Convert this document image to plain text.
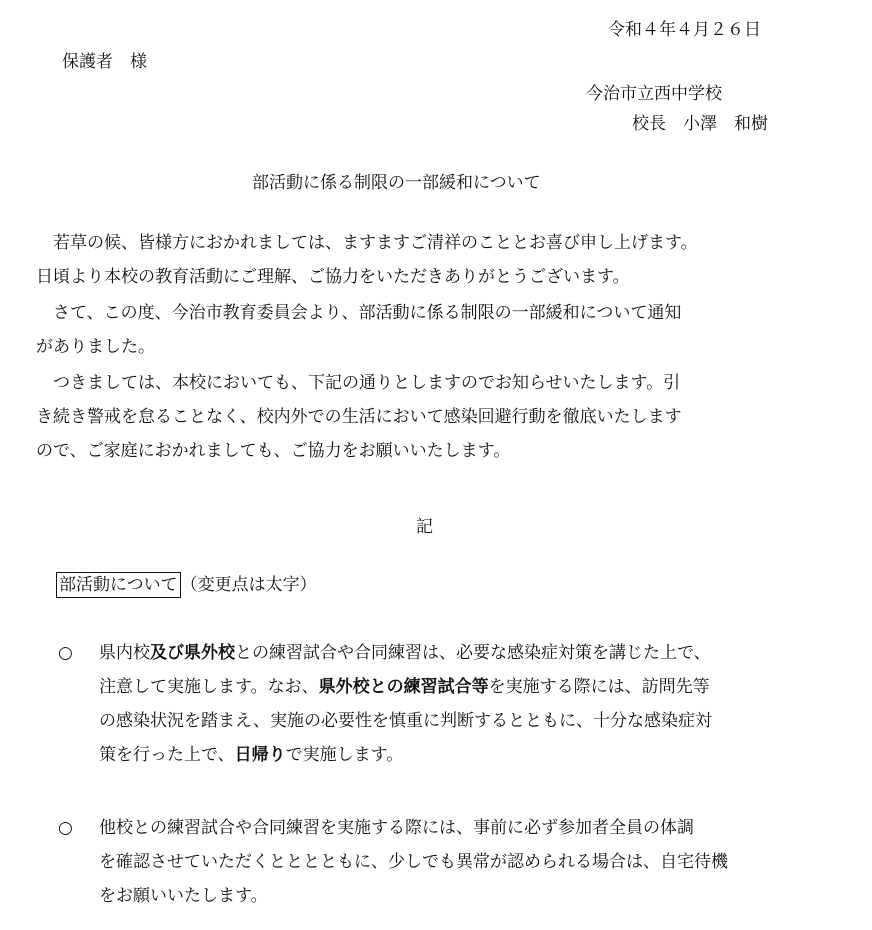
令和４年４月２６日
保護者　様
今治市立西中学校
校長　小澤　和樹
部活動に係る制限の一部緩和について
　若草の候、皆様方におかれましては、ますますご清祥のこととお喜び申し上げます。
日頃より本校の教育活動にご理解、ご協力をいただきありがとうございます。
　さて、この度、今治市教育委員会より、部活動に係る制限の一部緩和について通知
がありました。
　つきましては、本校においても、下記の通りとしますのでお知らせいたします。引
き続き警戒を怠ることなく、校内外での生活において感染回避行動を徹底いたします
ので、ご家庭におかれましても、ご協力をお願いいたします。
記
部活動について （変更点は太字）
○ 　県内校及び県外校との練習試合や合同練習は、必要な感染症対策を講じた上で、
　注意して実施します。なお、県外校との練習試合等を実施する際には、訪問先等
　の感染状況を踏まえ、実施の必要性を慎重に判断するとともに、十分な感染症対
　策を行った上で、日帰りで実施します。
○ 　他校との練習試合や合同練習を実施する際には、事前に必ず参加者全員の体調
　を確認させていただくとととともに、少しでも異常が認められる場合は、自宅待機
　をお願いいたします。
